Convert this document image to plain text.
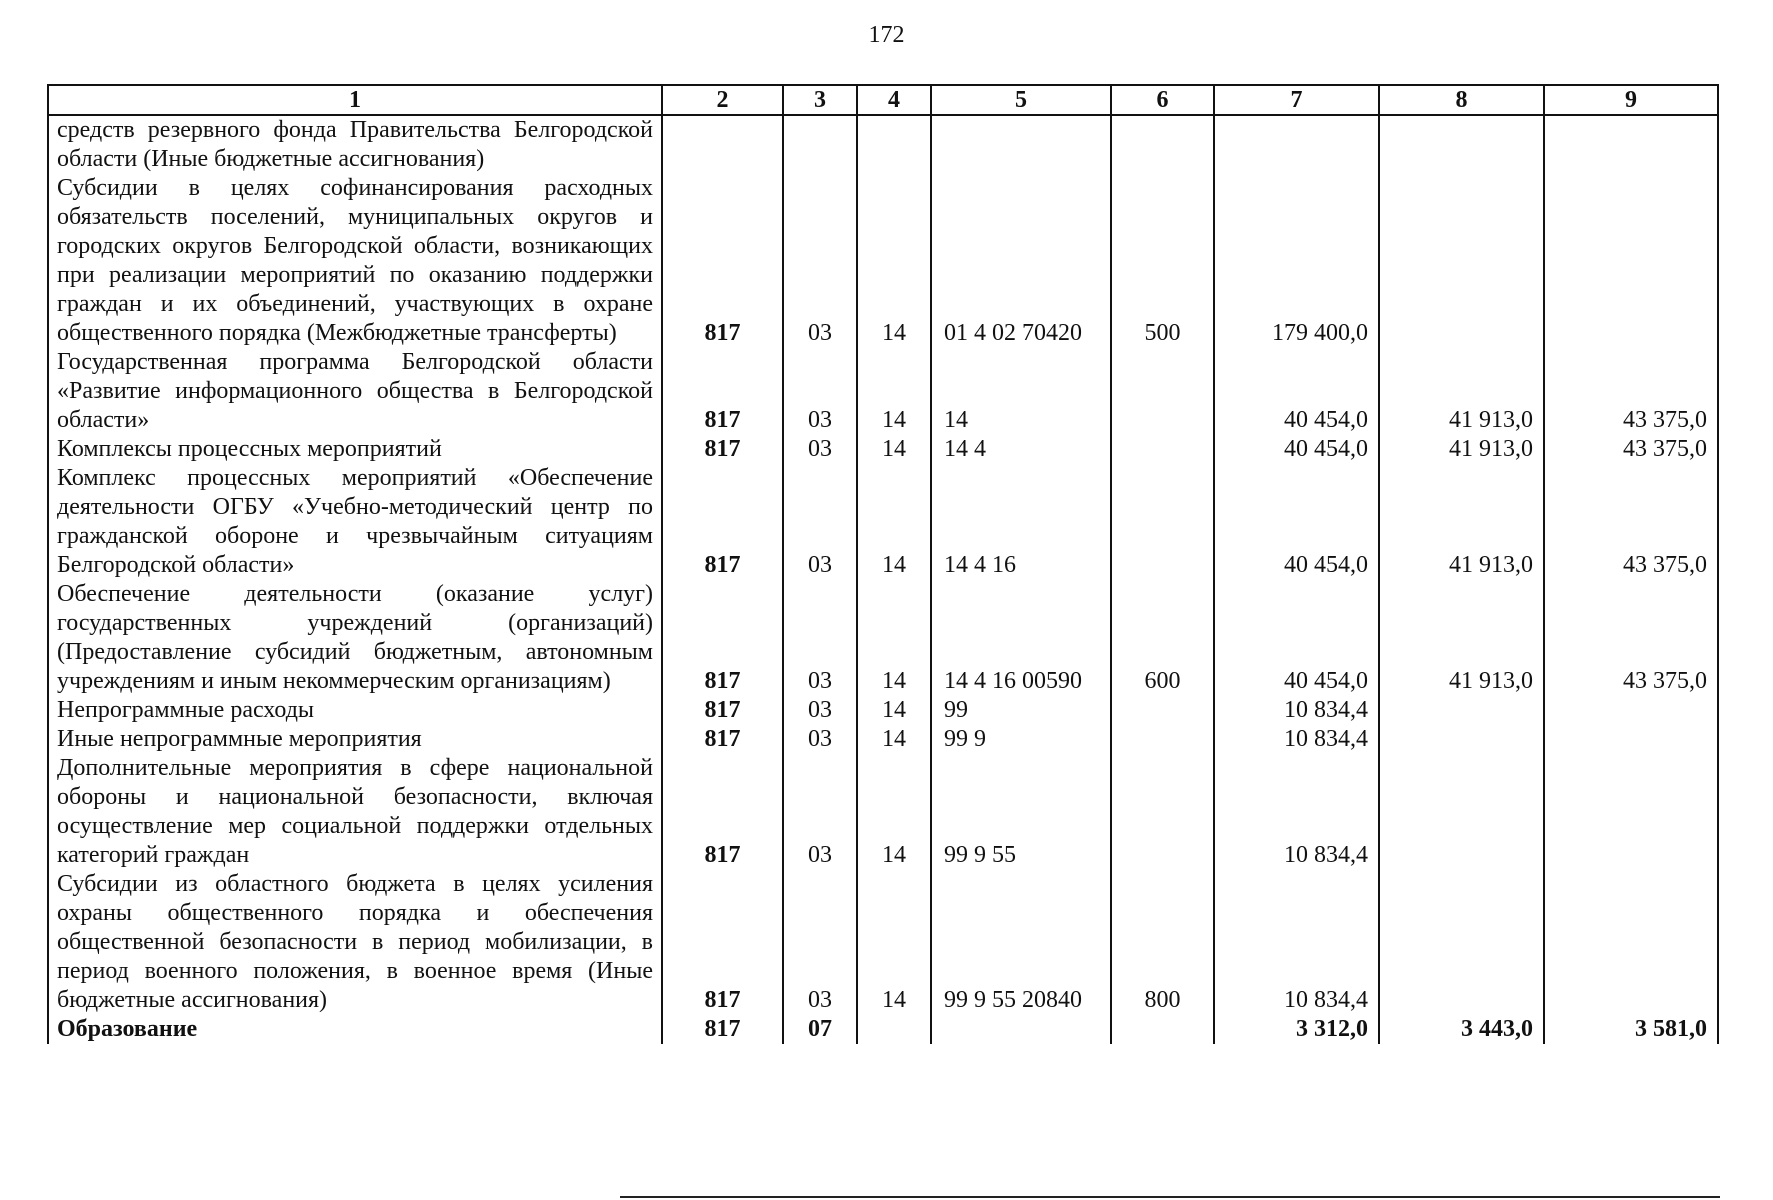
172
1	2	3	4	5	6	7	8	9
средств резервного фонда Правительства Белгородской области (Иные бюджетные ассигнования)								
Субсидии в целях софинансирования расходных обязательств поселений, муниципальных округов и городских округов Белгородской области, возникающих при реализации мероприятий по оказанию поддержки граждан и их объединений, участвующих в охране общественного порядка (Межбюджетные трансферты)	817	03	14	01 4 02 70420	500	179 400,0		
Государственная программа Белгородской области «Развитие информационного общества в Белгородской области»	817	03	14	14		40 454,0	41 913,0	43 375,0
Комплексы процессных мероприятий	817	03	14	14 4		40 454,0	41 913,0	43 375,0
Комплекс процессных мероприятий «Обеспечение деятельности ОГБУ «Учебно-методический центр по гражданской обороне и чрезвычайным ситуациям Белгородской области»	817	03	14	14 4 16		40 454,0	41 913,0	43 375,0
Обеспечение деятельности (оказание услуг) государственных учреждений (организаций) (Предоставление субсидий бюджетным, автономным учреждениям и иным некоммерческим организациям)	817	03	14	14 4 16 00590	600	40 454,0	41 913,0	43 375,0
Непрограммные расходы	817	03	14	99		10 834,4		
Иные непрограммные мероприятия	817	03	14	99 9		10 834,4		
Дополнительные мероприятия в сфере национальной обороны и национальной безопасности, включая осуществление мер социальной поддержки отдельных категорий граждан	817	03	14	99 9 55		10 834,4		
Субсидии из областного бюджета в целях усиления охраны общественного порядка и обеспечения общественной безопасности в период мобилизации, в период военного положения, в военное время (Иные бюджетные ассигнования)	817	03	14	99 9 55 20840	800	10 834,4		
Образование	817	07				3 312,0	3 443,0	3 581,0
